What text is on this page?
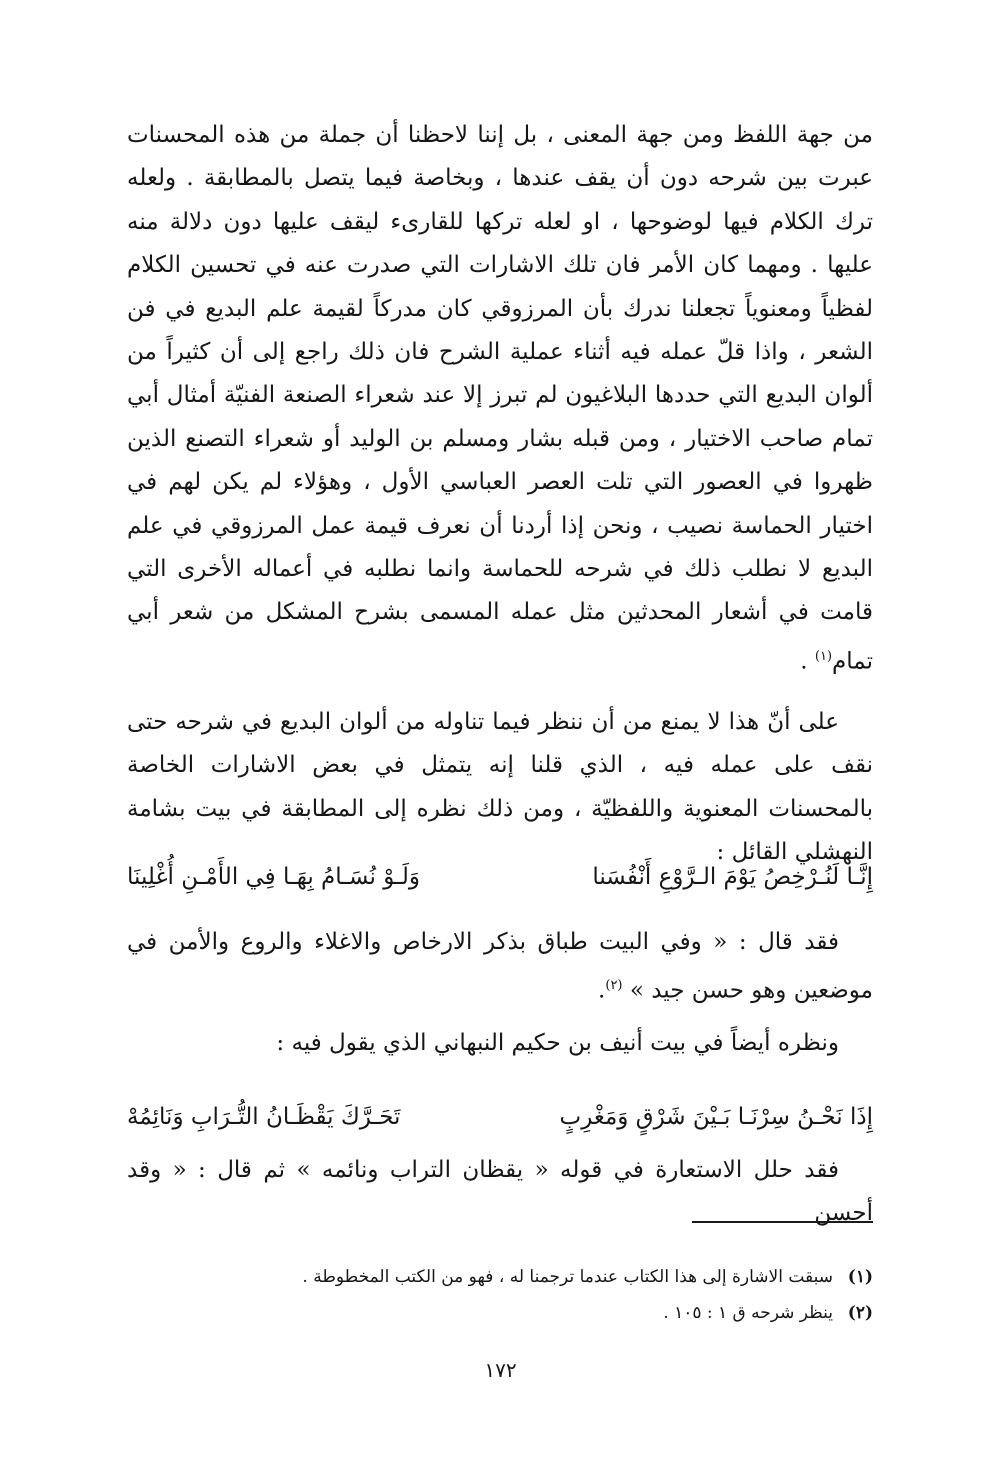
من جهة اللفظ ومن جهة المعنى ، بل إننا لاحظنا أن جملة من هذه المحسنات عبرت بين شرحه دون أن يقف عندها ، وبخاصة فيما يتصل بالمطابقة . ولعله ترك الكلام فيها لوضوحها ، او لعله تركها للقارىء ليقف عليها دون دلالة منه عليها . ومهما كان الأمر فان تلك الاشارات التي صدرت عنه في تحسين الكلام لفظياً ومعنوياً تجعلنا ندرك بأن المرزوقي كان مدركاً لقيمة علم البديع في فن الشعر ، واذا قلّ عمله فيه أثناء عملية الشرح فان ذلك راجع إلى أن كثيراً من ألوان البديع التي حددها البلاغيون لم تبرز إلا عند شعراء الصنعة الفنيّة أمثال أبي تمام صاحب الاختيار ، ومن قبله بشار ومسلم بن الوليد أو شعراء التصنع الذين ظهروا في العصور التي تلت العصر العباسي الأول ، وهؤلاء لم يكن لهم في اختيار الحماسة نصيب ، ونحن إذا أردنا أن نعرف قيمة عمل المرزوقي في علم البديع لا نطلب ذلك في شرحه للحماسة وانما نطلبه في أعماله الأخرى التي قامت في أشعار المحدثين مثل عمله المسمى بشرح المشكل من شعر أبي تمام$^{(١)}$ .

على أنّ هذا لا يمنع من أن ننظر فيما تناوله من ألوان البديع في شرحه حتى نقف على عمله فيه ، الذي قلنا إنه يتمثل في بعض الاشارات الخاصة بالمحسنات المعنوية واللفظيّة ، ومن ذلك نظره إلى المطابقة في بيت بشامة النهشلي القائل :

إِنَّـا لَنُـرْخِصُ يَوْمَ الـرَّوْعِ أَنْفُسَنا
وَلَـوْ نُسَـامُ بِهَـا فِي الأَمْـنِ أُغْلِينَا

فقد قال : « وفي البيت طباق بذكر الارخاص والاغلاء والروع والأمن في موضعين وهو حسن جيد » $^{(٢)}$.

ونظره أيضاً في بيت أنيف بن حكيم النبهاني الذي يقول فيه :
إِذَا نَحْـنُ سِرْنَـا بَـيْنَ شَرْقٍ وَمَغْرِبٍ
تَحَـرَّكَ يَقْظَـانُ التُّـرَابِ وَنَائِمُهْ

فقد حلل الاستعارة في قوله « يقظان التراب ونائمه » ثم قال : « وقد أحسن

(١)
سبقت الاشارة إلى هذا الكتاب عندما ترجمنا له ، فهو من الكتب المخطوطة .
(٢)
ينظر شرحه ق ١ : ١٠٥ .
١٧٢
